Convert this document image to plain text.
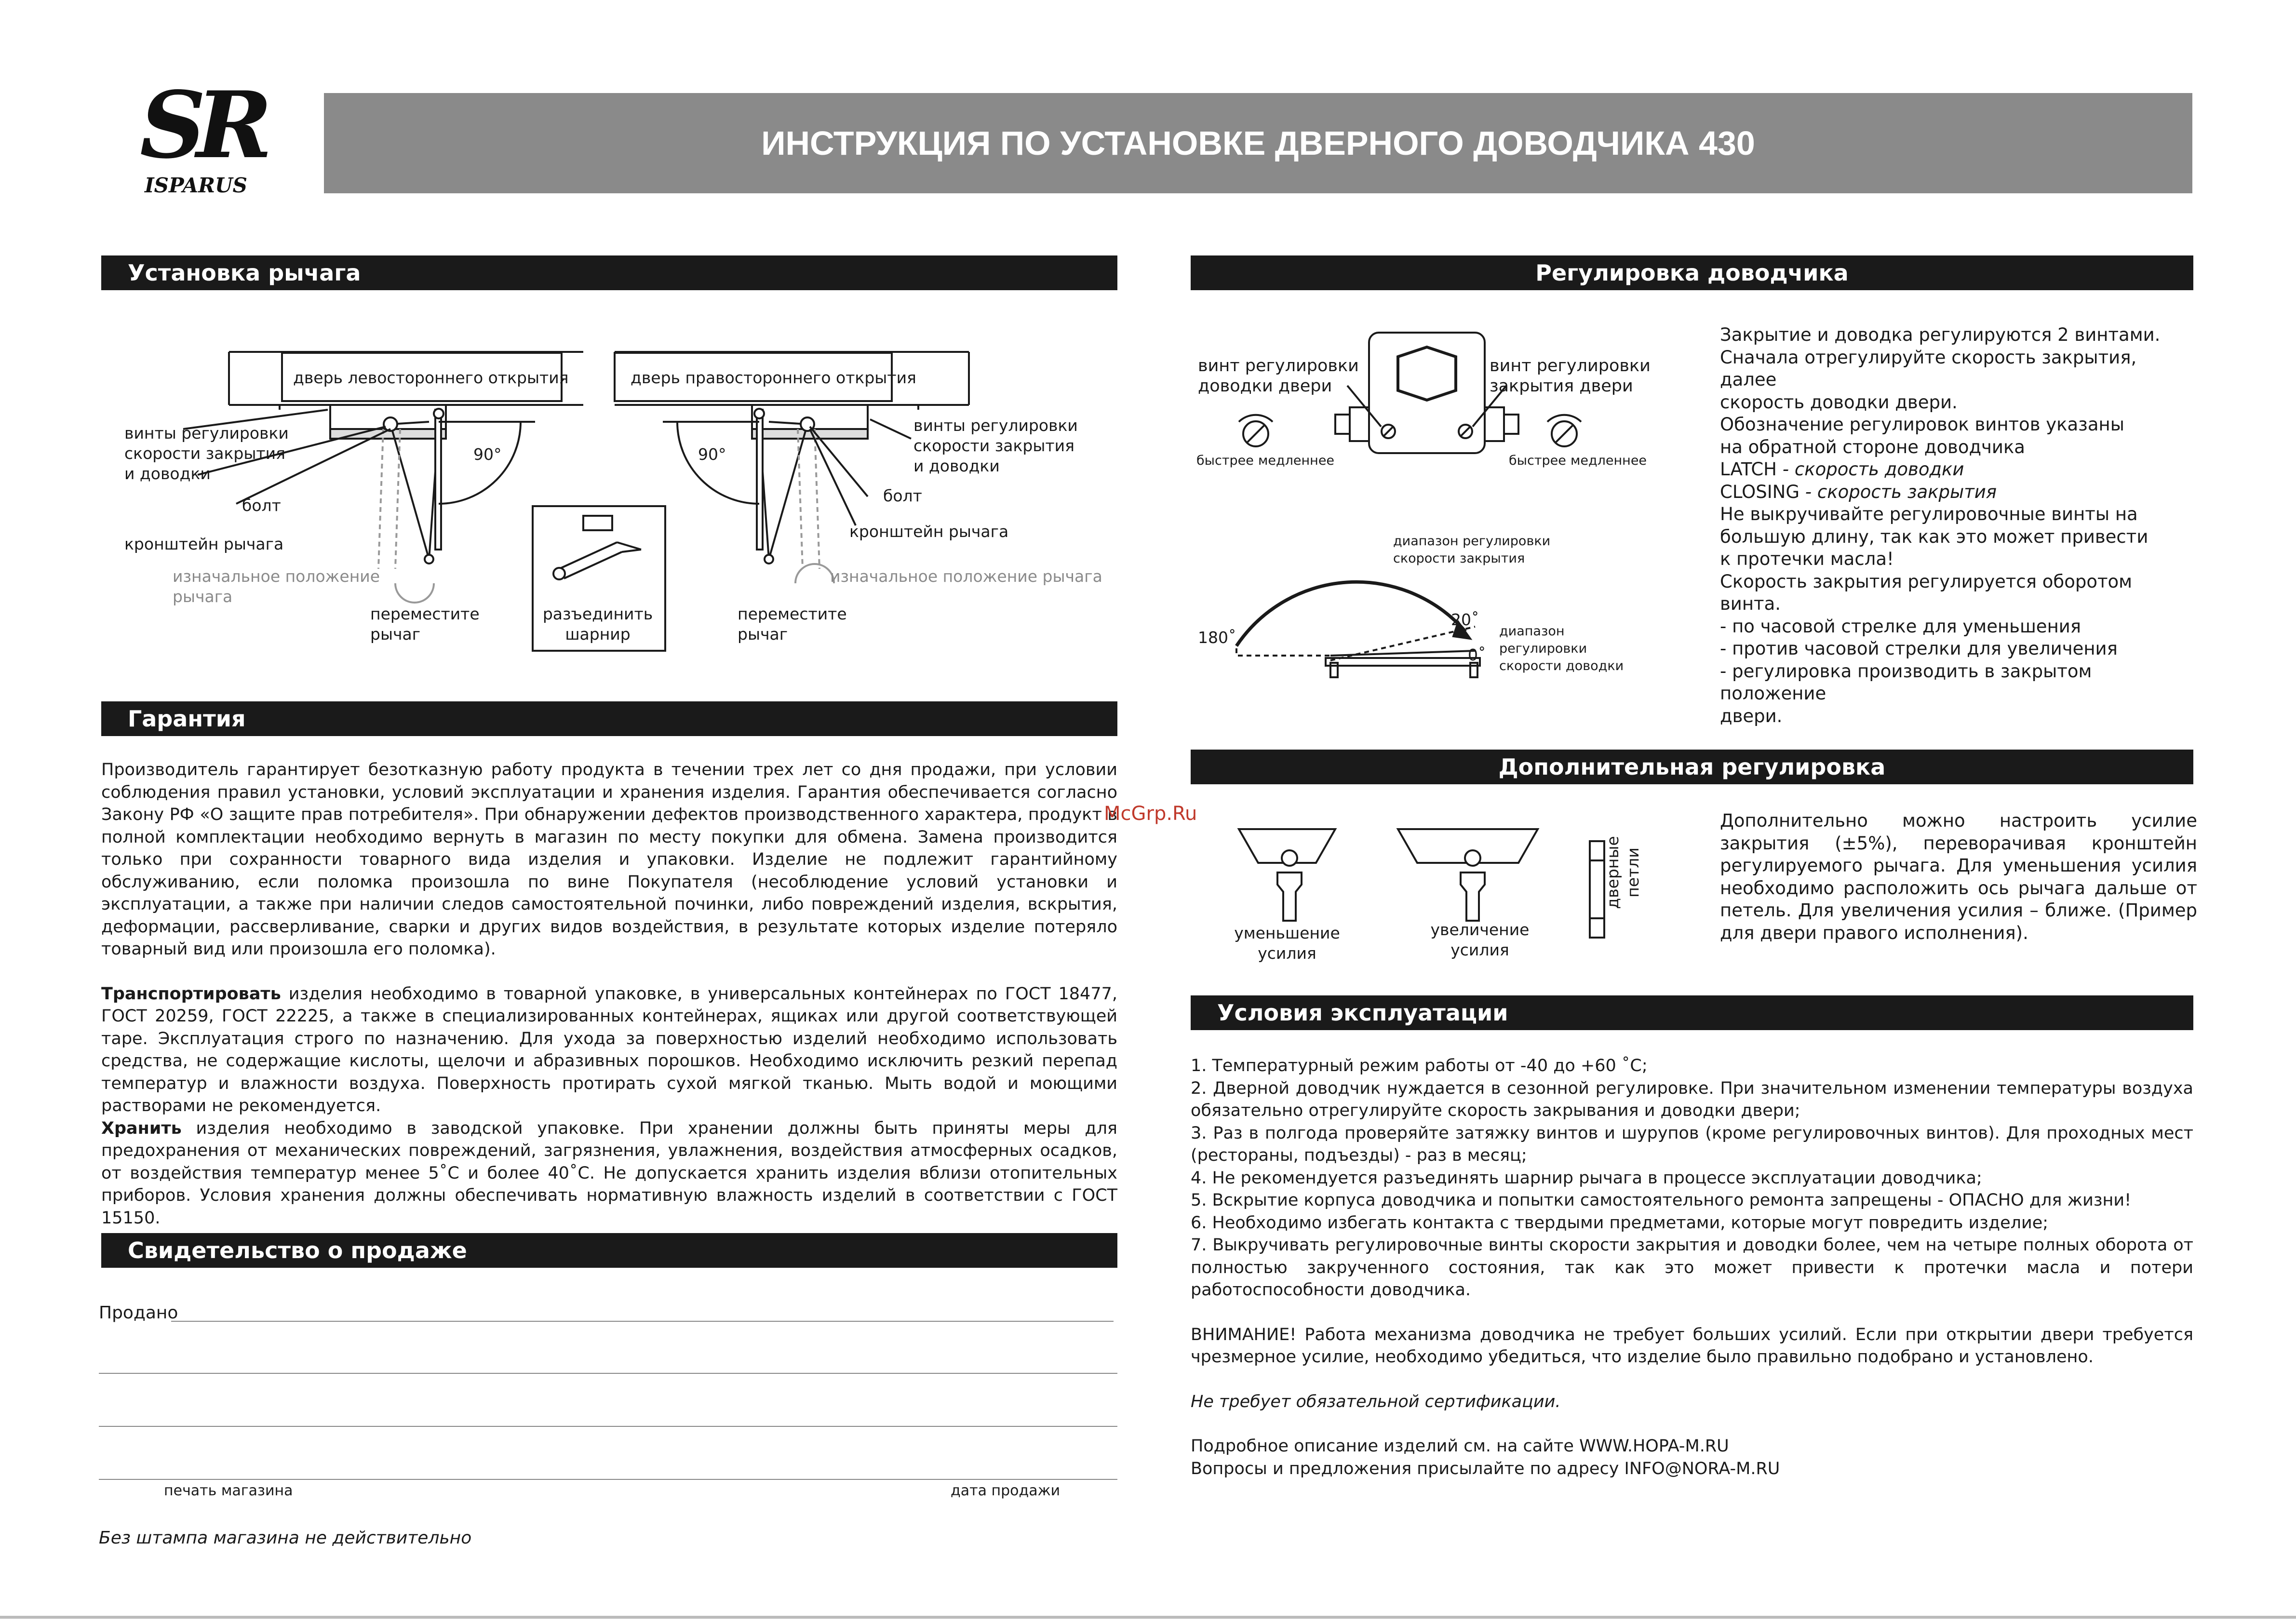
SR
ISPARUS
ИНСТРУКЦИЯ ПО УСТАНОВКЕ ДВЕРНОГО ДОВОДЧИКА 430
Установка рычага
дверь левостороннего открытия	дверь правостороннего открытия
винты регулировки
скорости закрытия
и доводки
винты регулировки
скорости закрытия
и доводки
90°	90°
болт
болт
кронштейн рычага
кронштейн рычага
изначальное положение
рычага
изначальное положение рычага
переместите
рычаг
переместите
рычаг
разъединить
шарнир
Гарантия

Производитель гарантирует безотказную работу продукта в течении трех лет со дня продажи, при условии соблюдения правил установки, условий эксплуатации и хранения изделия. Гарантия обеспечивается согласно Закону РФ «О защите прав потребителя». При обнаружении дефектов производственного характера, продукт в полной комплектации необходимо вернуть в магазин по месту покупки для обмена. Замена производится только при сохранности товарного вида изделия и упаковки. Изделие не подлежит гарантийному обслуживанию, если поломка произошла по вине Покупателя (несоблюдение условий установки и эксплуатации, а также при наличии следов самостоятельной починки, либо повреждений изделия, вскрытия, деформации, рассверливание, сварки и других видов воздействия, в результате которых изделие потеряло товарный вид или произошла его поломка).

Транспортировать изделия необходимо в товарной упаковке, в универсальных контейнерах по ГОСТ 18477, ГОСТ 20259, ГОСТ 22225, а также в специализированных контейнерах, ящиках или другой соответствующей таре. Эксплуатация строго по назначению. Для ухода за поверхностью изделий необходимо использовать средства, не содержащие кислоты, щелочи и абразивных порошков. Необходимо исключить резкий перепад температур и влажности воздуха. Поверхность протирать сухой мягкой тканью. Мыть водой и моющими растворами не рекомендуется.

Хранить изделия необходимо в заводской упаковке. При хранении должны быть приняты меры для предохранения от механических повреждений, загрязнения, увлажнения, воздействия атмосферных осадков, от воздействия температур менее 5˚C и более 40˚C. Не допускается хранить изделия вблизи отопительных приборов. Условия хранения должны обеспечивать нормативную влажность изделий в соответствии с ГОСТ 15150.

McGrp.Ru
Свидетельство о продаже
Продано
печать магазина	дата продажи
Без штампа магазина не действительно
Регулировка доводчика
винт регулировки
доводки двери
винт регулировки
закрытия двери
быстрее медленнее	быстрее медленнее
диапазон регулировки
скорости закрытия
диапазон
регулировки
скорости доводки
180˚
20˚
0˚
Закрытие и доводка регулируются 2 винтами.
Сначала отрегулируйте скорость закрытия, далее
скорость доводки двери.
Обозначение регулировок винтов указаны
на обратной стороне доводчика
LATCH - скорость доводки
CLOSING - скорость закрытия
Не выкручивайте регулировочные винты на
большую длину, так как это может привести
к протечки масла!
Скорость закрытия регулируется оборотом винта.
- по часовой стрелке для уменьшения
- против часовой стрелки для увеличения
- регулировка производить в закрытом положение
двери.
Дополнительная регулировка
уменьшение
усилия
увеличение
усилия
дверные петли
Дополнительно можно настроить усилие закрытия (±5%), переворачивая кронштейн регулируемого рычага. Для уменьшения усилия необходимо расположить ось рычага дальше от петель. Для увеличения усилия – ближе. (Пример для двери правого исполнения).
Условия эксплуатации

1. Температурный режим работы от -40 до +60 ˚C;

2. Дверной доводчик нуждается в сезонной регулировке. При значительном изменении температуры воздуха обязательно отрегулируйте скорость закрывания и доводки двери;

3. Раз в полгода проверяйте затяжку винтов и шурупов (кроме регулировочных винтов). Для проходных мест (рестораны, подъезды) - раз в месяц;

4. Не рекомендуется разъединять шарнир рычага в процессе эксплуатации доводчика;

5. Вскрытие корпуса доводчика и попытки самостоятельного ремонта запрещены - ОПАСНО для жизни!

6. Необходимо избегать контакта с твердыми предметами, которые могут повредить изделие;

7. Выкручивать регулировочные винты скорости закрытия и доводки более, чем на четыре полных оборота от полностью закрученного состояния, так как это может привести к протечки масла и потери работоспособности доводчика.

ВНИМАНИЕ! Работа механизма доводчика не требует больших усилий. Если при открытии двери требуется чрезмерное усилие, необходимо убедиться, что изделие было правильно подобрано и установлено.

Не требует обязательной сертификации.

Подробное описание изделий см. на сайте WWW.HOPA-M.RU

Вопросы и предложения присылайте по адресу INFO@NORA-M.RU
